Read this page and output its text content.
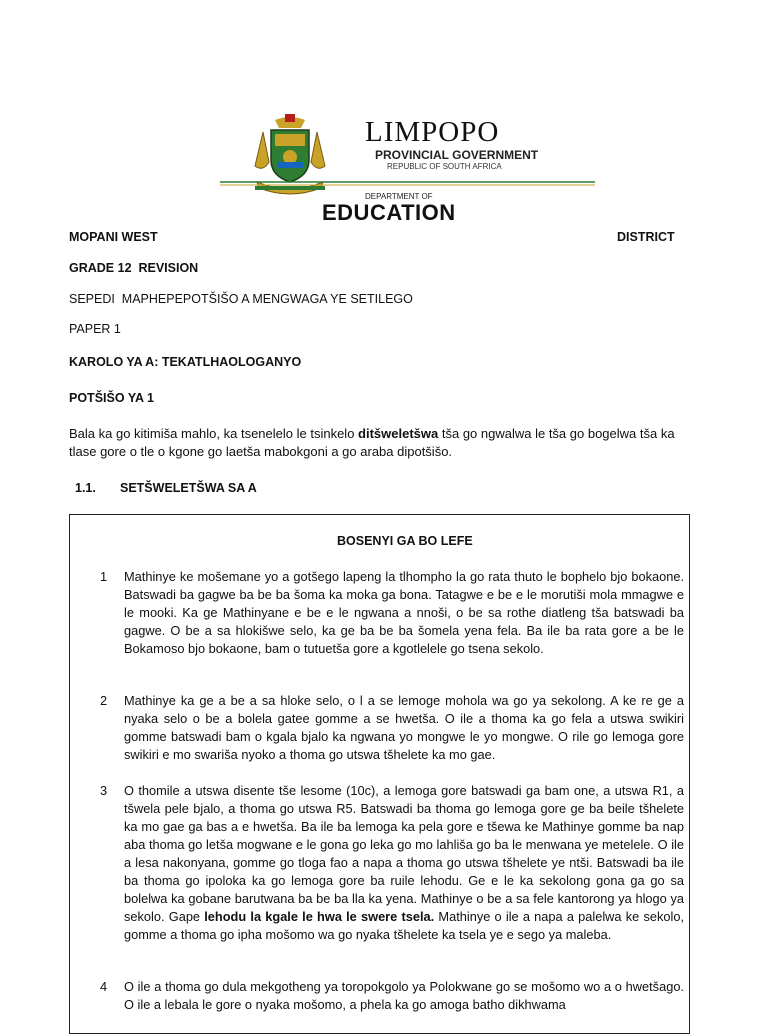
LIMPOPO
PROVINCIAL GOVERNMENT
REPUBLIC OF SOUTH AFRICA
DEPARTMENT OF
EDUCATION
MOPANI WEST	DISTRICT
GRADE 12  REVISION
SEPEDI  MAPHEPEPOTŠIŠO A MENGWAGA YE SETILEGO
PAPER 1
KAROLO YA A: TEKATLHAOLOGANYO
POTŠIŠO YA 1
Bala ka go kitimiša mahlo, ka tsenelelo le tsinkelo ditšweletšwa tša go ngwalwa le tša go bogelwa tša ka tlase gore o tle o kgone go laetša mabokgoni a go araba dipotšišo.
1.1. SETŠWELETŠWA SA A
BOSENYI GA BO LEFE
1 Mathinye ke mošemane yo a gotšego lapeng la tlhompho la go rata thuto le bophelo bjo bokaone. Batswadi ba gagwe ba be ba šoma ka moka ga bona. Tatagwe e be e le morutiši mola mmagwe e le mooki. Ka ge Mathinyane e be e le ngwana a nnoši, o be sa rothe diatleng tša batswadi ba gagwe. O be a sa hlokišwe selo, ka ge ba be ba šomela yena fela. Ba ile ba rata gore a be le Bokamoso bjo bokaone, bam o tutuetša gore a kgotlelele go tsena sekolo.
2 Mathinye ka ge a be a sa hloke selo, o l a se lemoge mohola wa go ya sekolong. A ke re ge a nyaka selo o be a bolela gatee gomme a se hwetša. O ile a thoma ka go fela a utswa swikiri gomme batswadi bam o kgala bjalo ka ngwana yo mongwe le yo mongwe. O rile go lemoga gore swikiri e mo swariša nyoko a thoma go utswa tšhelete ka mo gae.
3 O thomile a utswa disente tše lesome (10c), a lemoga gore batswadi ga bam one, a utswa R1, a tšwela pele bjalo, a thoma go utswa R5. Batswadi ba thoma go lemoga gore ge ba beile tšhelete ka mo gae ga bas a e hwetša. Ba ile ba lemoga ka pela gore e tšewa ke Mathinye gomme ba nap aba thoma go letša mogwane e le gona go leka go mo lahliša go ba le menwana ye metelele. O ile a lesa nakonyana, gomme go tloga fao a napa a thoma go utswa tšhelete ye ntši. Batswadi ba ile ba thoma go ipoloka ka go lemoga gore ba ruile lehodu. Ge e le ka sekolong gona ga go sa bolelwa ka gobane barutwana ba be ba lla ka yena. Mathinye o be a sa fele kantorong ya hlogo ya sekolo. Gape lehodu la kgale le hwa le swere tsela. Mathinye o ile a napa a palelwa ke sekolo, gomme a thoma go ipha mošomo wa go nyaka tšhelete ka tsela ye e sego ya maleba.
4 O ile a thoma go dula mekgotheng ya toropokgolo ya Polokwane go se mošomo wo a o hwetšago. O ile a lebala le gore o nyaka mošomo, a phela ka go amoga batho dikhwama
